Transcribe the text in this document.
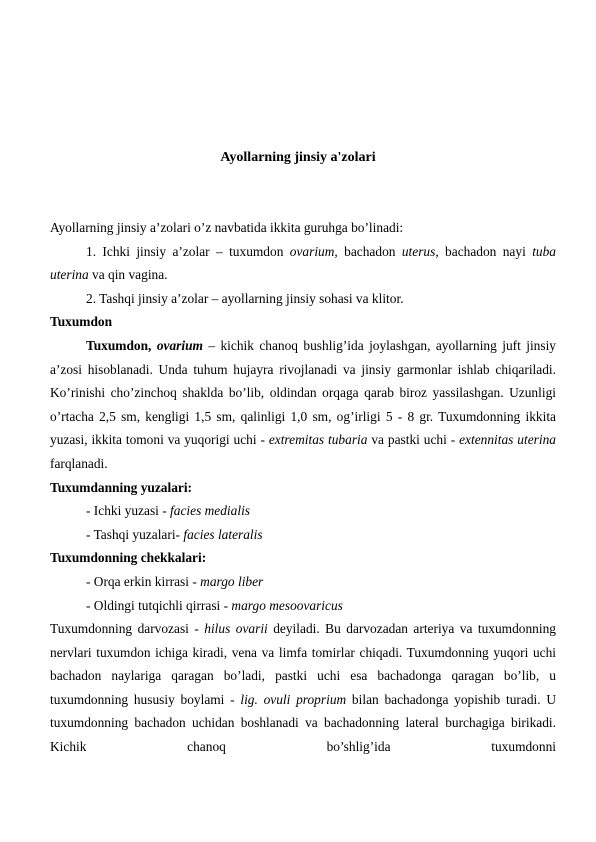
Ayollarning jinsiy a'zolari

Ayollarning jinsiy a’zolari o’z navbatida ikkita guruhga bo’linadi:

1. Ichki jinsiy a’zolar – tuxumdon ovarium, bachadon uterus, bachadon nayi tuba uterina va qin vagina.

2. Tashqi jinsiy a’zolar – ayollarning jinsiy sohasi va klitor.

Tuxumdon

Tuxumdon, ovarium – kichik chanoq bushlig’ida joylashgan, ayollarning juft jinsiy a’zosi hisoblanadi. Unda tuhum hujayra rivojlanadi va jinsiy garmonlar ishlab chiqariladi. Ko’rinishi cho’zinchoq shaklda bo’lib, oldindan orqaga qarab biroz yassilashgan. Uzunligi o’rtacha 2,5 sm, kengligi 1,5 sm, qalinligi 1,0 sm, og’irligi 5 - 8 gr. Tuxumdonning ikkita yuzasi, ikkita tomoni va yuqorigi uchi - extremitas tubaria va pastki uchi - extennitas uterina farqlanadi.

Tuxumdanning yuzalari:

- Ichki yuzasi - facies medialis

- Tashqi yuzalari- facies lateralis

Tuxumdonning chekkalari:

- Orqa erkin kirrasi - margo liber

- Oldingi tutqichli qirrasi - margo mesoovaricus

Tuxumdonning darvozasi - hilus ovarii deyiladi. Bu darvozadan arteriya va tuxumdonning nervlari tuxumdon ichiga kiradi, vena va limfa tomirlar chiqadi. Tuxumdonning yuqori uchi bachadon naylariga qaragan bo’ladi, pastki uchi esa bachadonga qaragan bo’lib, u tuxumdonning hususiy boylami - lig. ovuli proprium bilan bachadonga yopishib turadi. U tuxumdonning bachadon uchidan boshlanadi va bachadonning lateral burchagiga birikadi. Kichik chanoq bo’shlig’ida tuxumdonni
